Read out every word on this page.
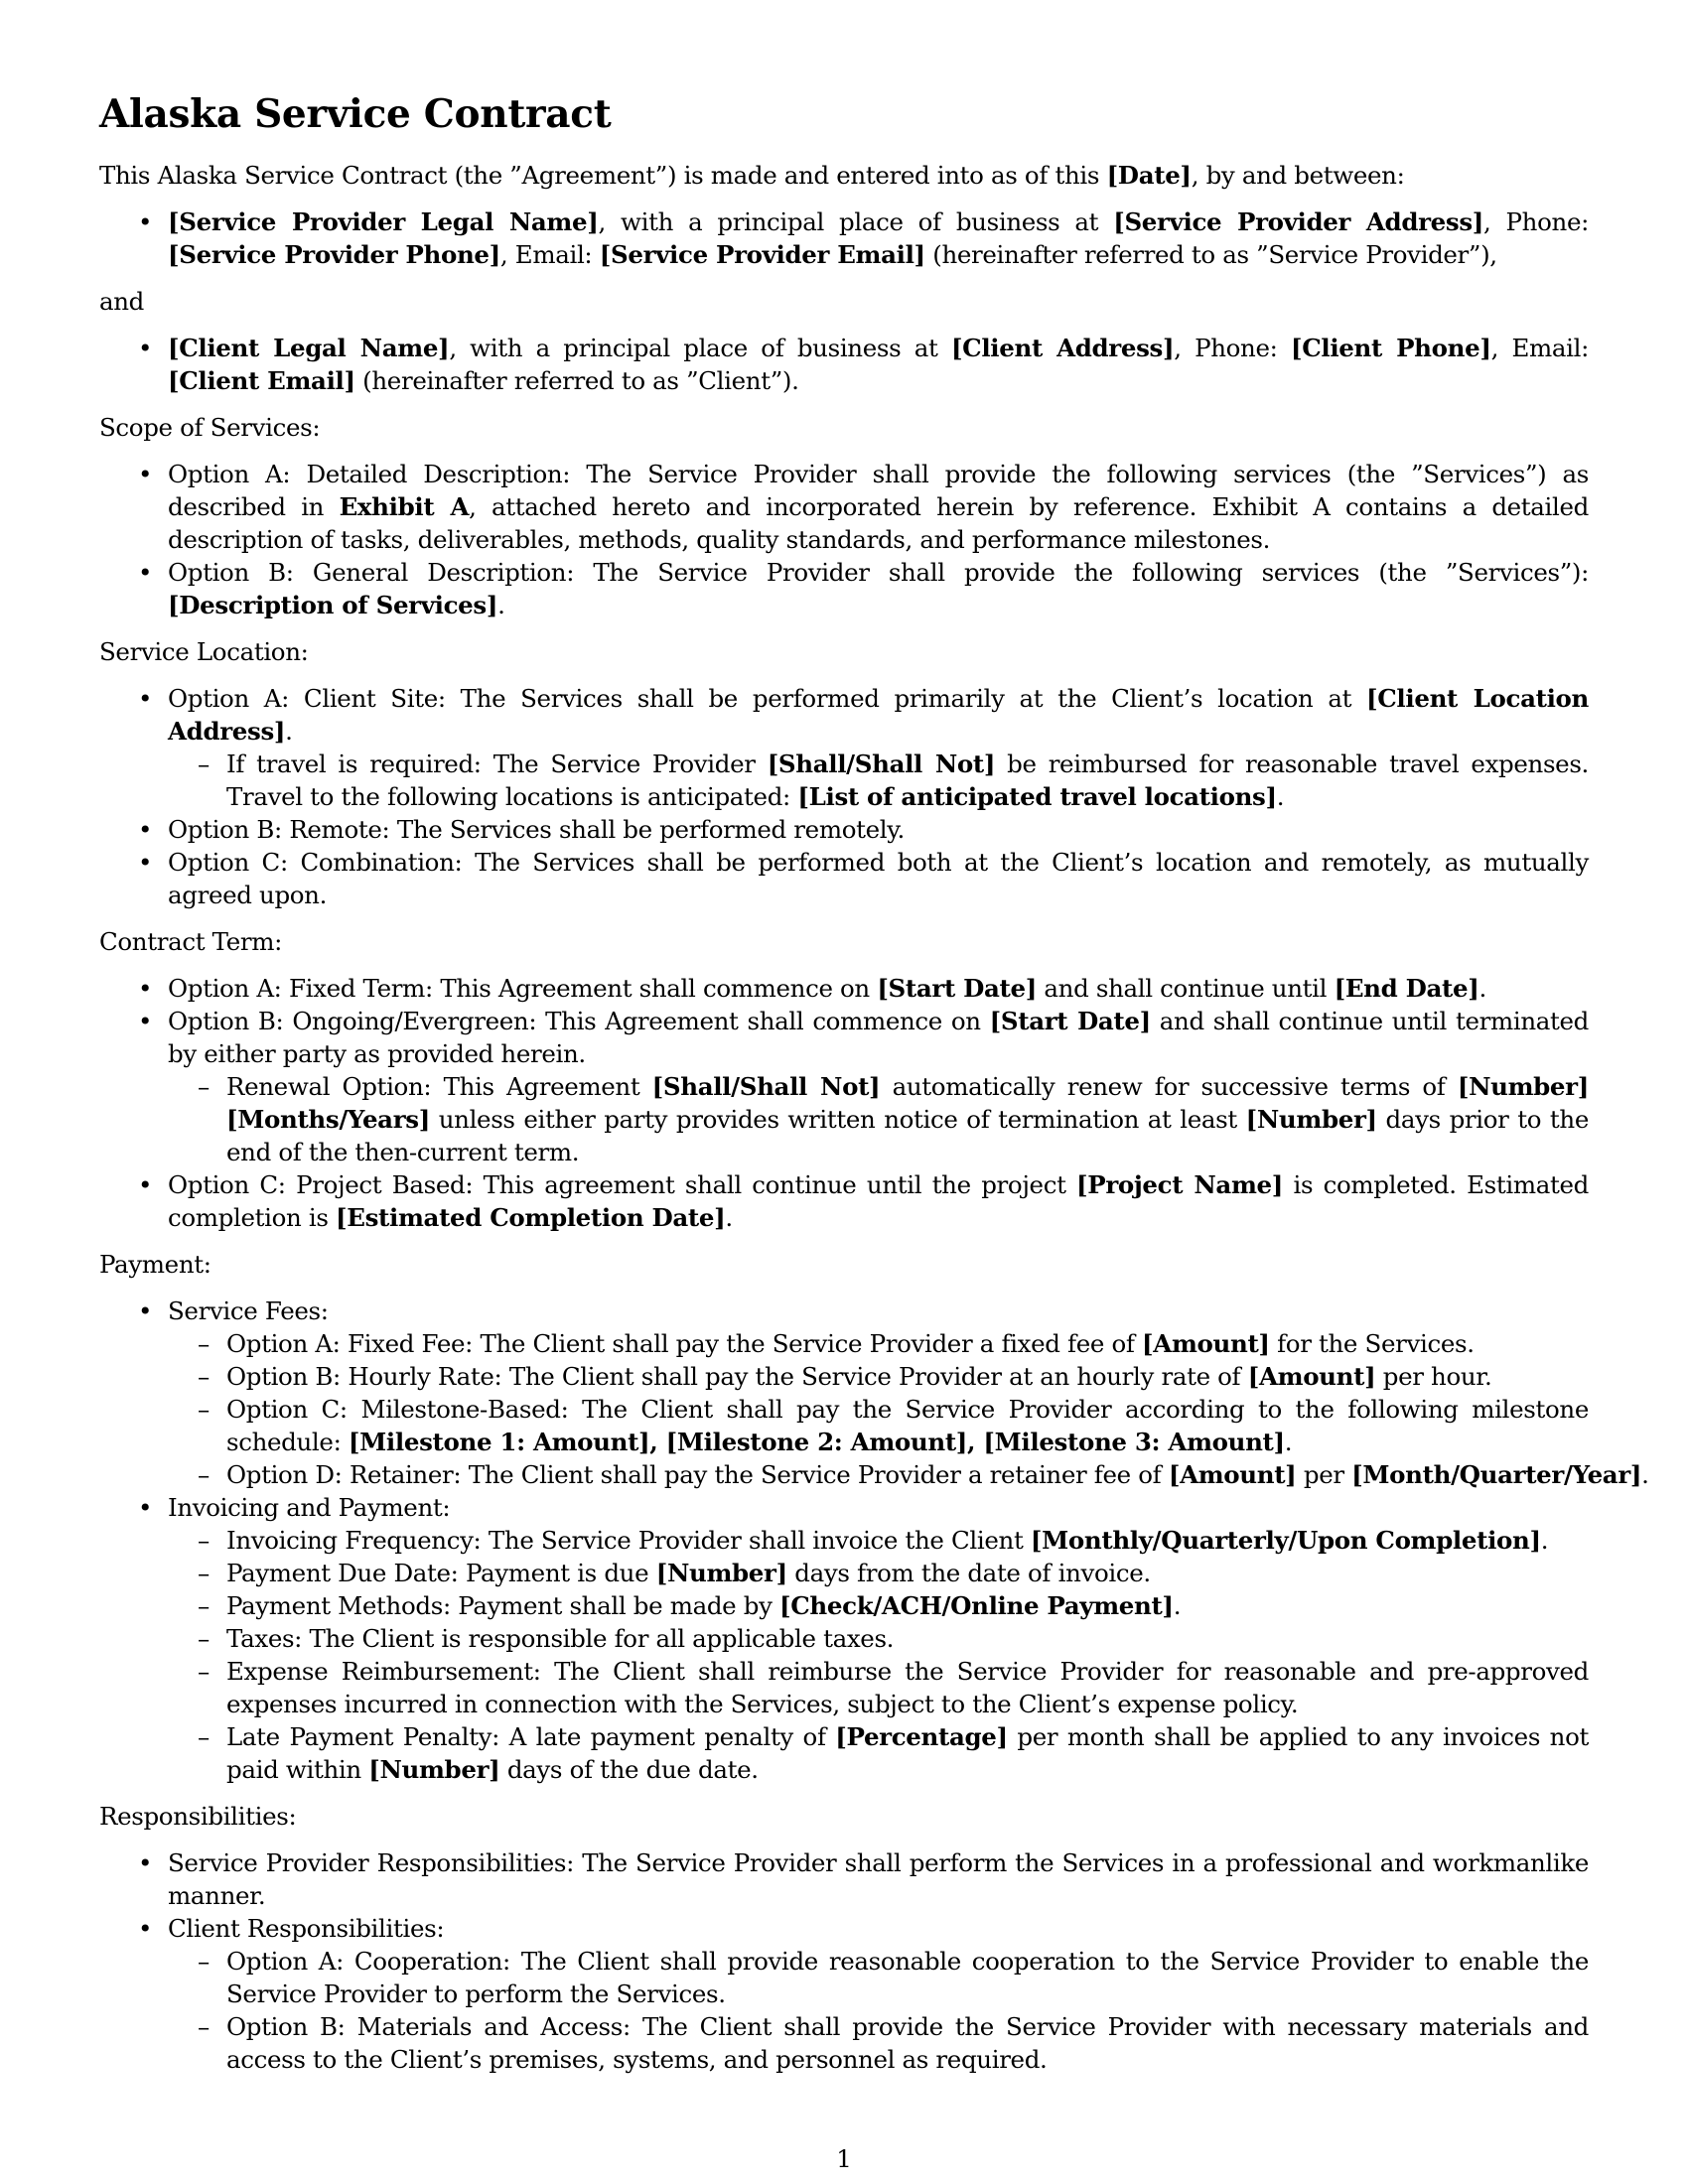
Alaska Service Contract

This Alaska Service Contract (the ”Agreement”) is made and entered into as of this [Date], by and between:

• [Service Provider Legal Name], with a principal place of business at [Service Provider Address], Phone: [Service Provider Phone], Email: [Service Provider Email] (hereinafter referred to as ”Service Provider”),

and

• [Client Legal Name], with a principal place of business at [Client Address], Phone: [Client Phone], Email: [Client Email] (hereinafter referred to as ”Client”).

Scope of Services:

• Option A: Detailed Description: The Service Provider shall provide the following services (the ”Services”) as described in Exhibit A, attached hereto and incorporated herein by reference. Exhibit A contains a detailed description of tasks, deliverables, methods, quality standards, and performance milestones.
• Option B: General Description: The Service Provider shall provide the following services (the ”Services”): [Description of Services].

Service Location:

• Option A: Client Site: The Services shall be performed primarily at the Client’s location at [Client Location Address].
– If travel is required: The Service Provider [Shall/Shall Not] be reimbursed for reasonable travel expenses. Travel to the following locations is anticipated: [List of anticipated travel locations].
• Option B: Remote: The Services shall be performed remotely.
• Option C: Combination: The Services shall be performed both at the Client’s location and remotely, as mutually agreed upon.

Contract Term:

• Option A: Fixed Term: This Agreement shall commence on [Start Date] and shall continue until [End Date].
• Option B: Ongoing/Evergreen: This Agreement shall commence on [Start Date] and shall continue until terminated by either party as provided herein.
– Renewal Option: This Agreement [Shall/Shall Not] automatically renew for successive terms of [Number] [Months/Years] unless either party provides written notice of termination at least [Number] days prior to the end of the then-current term.
• Option C: Project Based: This agreement shall continue until the project [Project Name] is completed. Estimated completion is [Estimated Completion Date].

Payment:

• Service Fees:
– Option A: Fixed Fee: The Client shall pay the Service Provider a fixed fee of [Amount] for the Services.
– Option B: Hourly Rate: The Client shall pay the Service Provider at an hourly rate of [Amount] per hour.
– Option C: Milestone-Based: The Client shall pay the Service Provider according to the following milestone schedule: [Milestone 1: Amount], [Milestone 2: Amount], [Milestone 3: Amount].
– Option D: Retainer: The Client shall pay the Service Provider a retainer fee of [Amount] per [Month/Quarter/Year].
• Invoicing and Payment:
– Invoicing Frequency: The Service Provider shall invoice the Client [Monthly/Quarterly/Upon Completion].
– Payment Due Date: Payment is due [Number] days from the date of invoice.
– Payment Methods: Payment shall be made by [Check/ACH/Online Payment].
– Taxes: The Client is responsible for all applicable taxes.
– Expense Reimbursement: The Client shall reimburse the Service Provider for reasonable and pre-approved expenses incurred in connection with the Services, subject to the Client’s expense policy.
– Late Payment Penalty: A late payment penalty of [Percentage] per month shall be applied to any invoices not paid within [Number] days of the due date.

Responsibilities:

• Service Provider Responsibilities: The Service Provider shall perform the Services in a professional and workmanlike manner.
• Client Responsibilities:
– Option A: Cooperation: The Client shall provide reasonable cooperation to the Service Provider to enable the Service Provider to perform the Services.
– Option B: Materials and Access: The Client shall provide the Service Provider with necessary materials and access to the Client’s premises, systems, and personnel as required.
1
